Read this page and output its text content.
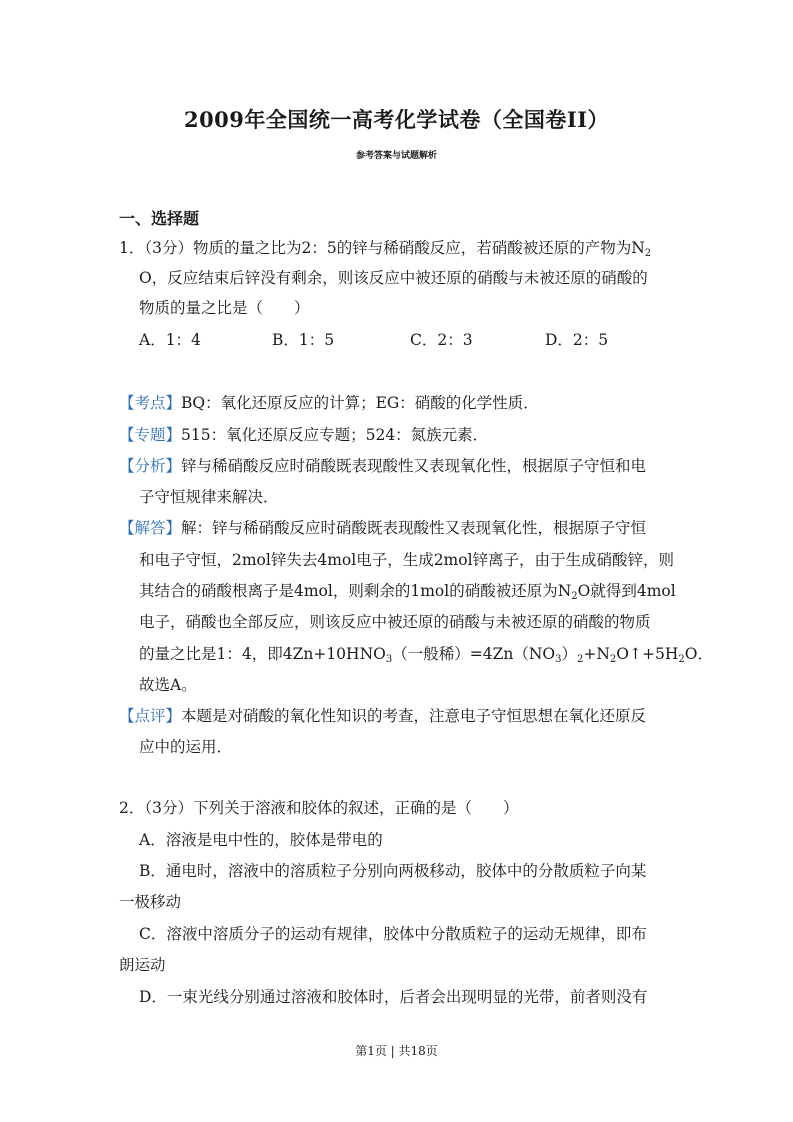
2009年全国统一高考化学试卷（全国卷II）
参考答案与试题解析
一、选择题
1．（3分）物质的量之比为2：5的锌与稀硝酸反应，若硝酸被还原的产物为$N_2$
O，反应结束后锌没有剩余，则该反应中被还原的硝酸与未被还原的硝酸的
物质的量之比是（　　）
A．1：4	B．1：5	C．2：3	D．2：5
【考点】BQ：氧化还原反应的计算；EG：硝酸的化学性质．
【专题】515：氧化还原反应专题；524：氮族元素．
【分析】锌与稀硝酸反应时硝酸既表现酸性又表现氧化性，根据原子守恒和电
子守恒规律来解决．
【解答】解：锌与稀硝酸反应时硝酸既表现酸性又表现氧化性，根据原子守恒
和电子守恒，2mol锌失去4mol电子，生成2mol锌离子，由于生成硝酸锌，则
其结合的硝酸根离子是4mol，则剩余的1mol的硝酸被还原为$N_2O$就得到4mol
电子，硝酸也全部反应，则该反应中被还原的硝酸与未被还原的硝酸的物质
的量之比是1：4，即$4Zn+10HNO_3$（一般稀）$=4Zn(NO_3)_2+N_2O↑+5H_2O$．
故选A。
【点评】本题是对硝酸的氧化性知识的考查，注意电子守恒思想在氧化还原反
应中的运用．
2．（3分）下列关于溶液和胶体的叙述，正确的是（　　）
A．溶液是电中性的，胶体是带电的
B．通电时，溶液中的溶质粒子分别向两极移动，胶体中的分散质粒子向某
一极移动
C．溶液中溶质分子的运动有规律，胶体中分散质粒子的运动无规律，即布
朗运动
D．一束光线分别通过溶液和胶体时，后者会出现明显的光带，前者则没有
第1页 | 共18页
